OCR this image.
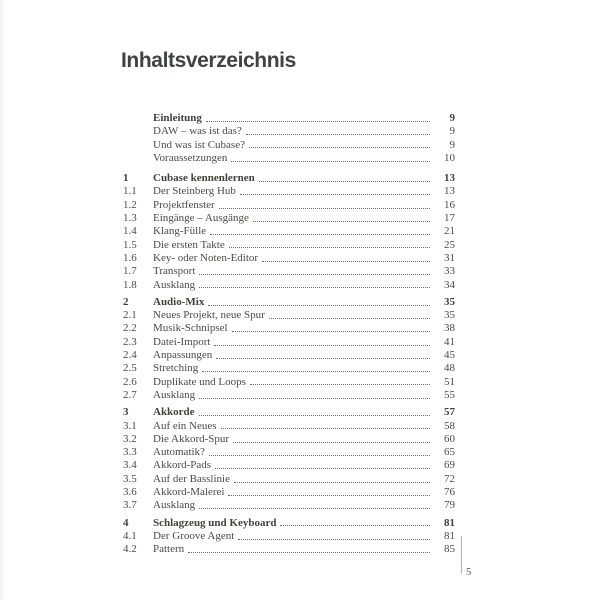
Inhaltsverzeichnis
Einleitung	9
DAW – was ist das?	9
Und was ist Cubase?	9
Voraussetzungen	10
1	Cubase kennenlernen	13
1.1	Der Steinberg Hub	13
1.2	Projektfenster	16
1.3	Eingänge – Ausgänge	17
1.4	Klang-Fülle	21
1.5	Die ersten Takte	25
1.6	Key- oder Noten-Editor	31
1.7	Transport	33
1.8	Ausklang	34
2	Audio-Mix	35
2.1	Neues Projekt, neue Spur	35
2.2	Musik-Schnipsel	38
2.3	Datei-Import	41
2.4	Anpassungen	45
2.5	Stretching	48
2.6	Duplikate und Loops	51
2.7	Ausklang	55
3	Akkorde	57
3.1	Auf ein Neues	58
3.2	Die Akkord-Spur	60
3.3	Automatik?	65
3.4	Akkord-Pads	69
3.5	Auf der Basslinie	72
3.6	Akkord-Malerei	76
3.7	Ausklang	79
4	Schlagzeug und Keyboard	81
4.1	Der Groove Agent	81
4.2	Pattern	85
5
